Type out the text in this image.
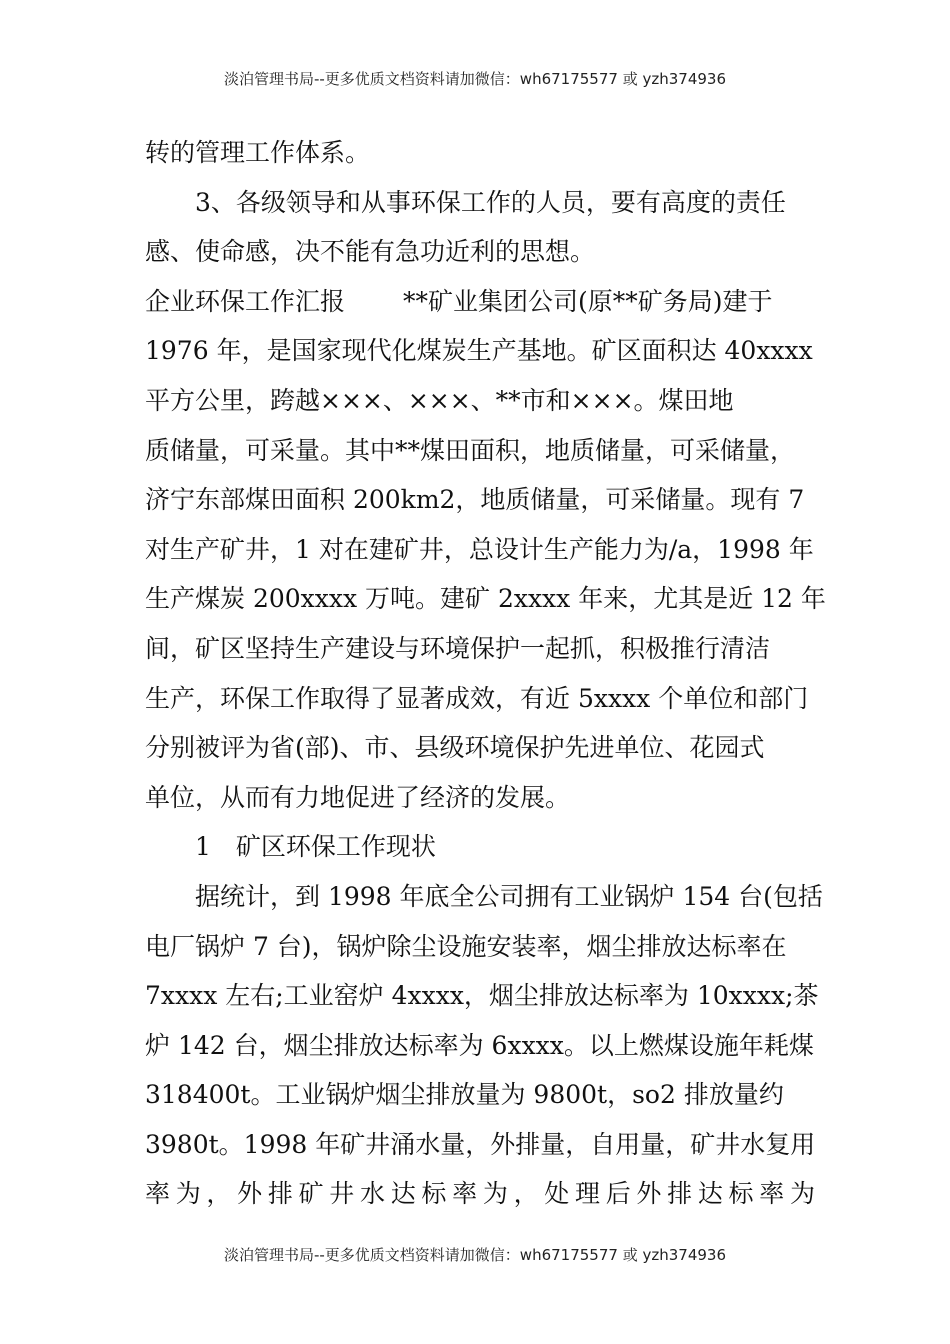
淡泊管理书局--更多优质文档资料请加微信：wh67175577 或 yzh374936
转的管理工作体系。
　　3、各级领导和从事环保工作的人员，要有高度的责任
感、使命感，决不能有急功近利的思想。
企业环保工作汇报　　 **矿业集团公司(原**矿务局)建于
1976 年，是国家现代化煤炭生产基地。矿区面积达 40xxxx
平方公里，跨越×××、×××、**市和×××。煤田地
质储量，可采量。其中**煤田面积，地质储量，可采储量，
济宁东部煤田面积 200km2，地质储量，可采储量。现有 7
对生产矿井，1 对在建矿井，总设计生产能力为/a，1998 年
生产煤炭 200xxxx 万吨。建矿 2xxxx 年来，尤其是近 12 年
间，矿区坚持生产建设与环境保护一起抓，积极推行清洁
生产，环保工作取得了显著成效，有近 5xxxx 个单位和部门
分别被评为省(部)、市、县级环境保护先进单位、花园式
单位，从而有力地促进了经济的发展。
　　1　矿区环保工作现状
　　据统计，到 1998 年底全公司拥有工业锅炉 154 台(包括
电厂锅炉 7 台)，锅炉除尘设施安装率，烟尘排放达标率在
7xxxx 左右;工业窑炉 4xxxx，烟尘排放达标率为 10xxxx;茶
炉 142 台，烟尘排放达标率为 6xxxx。以上燃煤设施年耗煤
318400t。工业锅炉烟尘排放量为 9800t，so2 排放量约
3980t。1998 年矿井涌水量，外排量，自用量，矿井水复用
率为，外排矿井水达标率为，处理后外排达标率为
淡泊管理书局--更多优质文档资料请加微信：wh67175577 或 yzh374936
